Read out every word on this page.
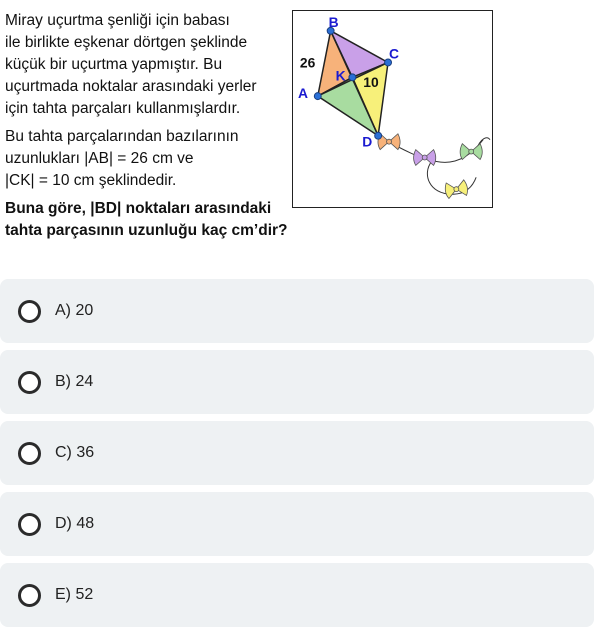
Miray uçurtma şenliği için babası
ile birlikte eşkenar dörtgen şeklinde
küçük bir uçurtma yapmıştır. Bu
uçurtmada noktalar arasındaki yerler
için tahta parçaları kullanmışlardır.

Bu tahta parçalarından bazılarının
uzunlukları |AB| = 26 cm ve
|CK| = 10 cm şeklindedir.

Buna göre, |BD| noktaları arasındaki
tahta parçasının uzunluğu kaç cm’dir?

A
B
C
D
K
26
10
A) 20
B) 24
C) 36
D) 48
E) 52
